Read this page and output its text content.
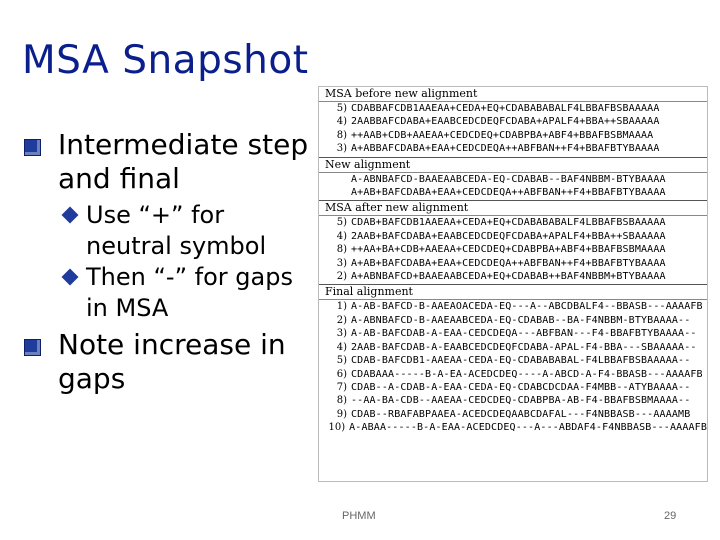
MSA Snapshot
Intermediate step and final
Use “+” for neutral symbol
Then “-” for gaps in MSA
Note increase in gaps
MSA before new alignment
5) CDABBAFCDB1AAEAA+CEDA+EQ+CDABABABALF4LBBAFBSBAAAAA
4) 2AABBAFCDABA+EAABCEDCDEQFCDABA+APALF4+BBA++SBAAAAA
8) ++AAB+CDB+AAEAA+CEDCDEQ+CDABPBA+ABF4+BBAFBSBMAAAA
3) A+ABBAFCDABA+EAA+CEDCDEQA++ABFBAN++F4+BBAFBTYBAAAA
New alignment
A-ABNBAFCD-BAAEAABCEDA-EQ-CDABAB--BAF4NBBM-BTYBAAAA
A+AB+BAFCDABA+EAA+CEDCDEQA++ABFBAN++F4+BBAFBTYBAAAA
MSA after new alignment
5) CDAB+BAFCDB1AAEAA+CEDA+EQ+CDABABABALF4LBBAFBSBAAAAA
4) 2AAB+BAFCDABA+EAABCEDCDEQFCDABA+APALF4+BBA++SBAAAAA
8) ++AA+BA+CDB+AAEAA+CEDCDEQ+CDABPBA+ABF4+BBAFBSBMAAAA
3) A+AB+BAFCDABA+EAA+CEDCDEQA++ABFBAN++F4+BBAFBTYBAAAA
2) A+ABNBAFCD+BAAEAABCEDA+EQ+CDABAB++BAF4NBBM+BTYBAAAA
Final alignment
1) A-AB-BAFCD-B-AAEAOACEDA-EQ---A--ABCDBALF4--BBASB---AAAAFB
2) A-ABNBAFCD-B-AAEAABCEDA-EQ-CDABAB--BA-F4NBBM-BTYBAAAA--
3) A-AB-BAFCDAB-A-EAA-CEDCDEQA---ABFBAN---F4-BBAFBTYBAAAA--
4) 2AAB-BAFCDAB-A-EAABCEDCDEQFCDABA-APAL-F4-BBA---SBAAAAA--
5) CDAB-BAFCDB1-AAEAA-CEDA-EQ-CDABABABAL-F4LBBAFBSBAAAAA--
6) CDABAAA-----B-A-EA-ACEDCDEQ----A-ABCD-A-F4-BBASB---AAAAFB
7) CDAB--A-CDAB-A-EAA-CEDA-EQ-CDABCDCDAA-F4MBB--ATYBAAAA--
8) --AA-BA-CDB--AAEAA-CEDCDEQ-CDABPBA-AB-F4-BBAFBSBMAAAA--
9) CDAB--RBAFABPAAEA-ACEDCDEQAABCDAFAL---F4NBBASB---AAAAMB
10) A-ABAA-----B-A-EAA-ACEDCDEQ---A---ABDAF4-F4NBBASB---AAAAFB
PHMM	29
